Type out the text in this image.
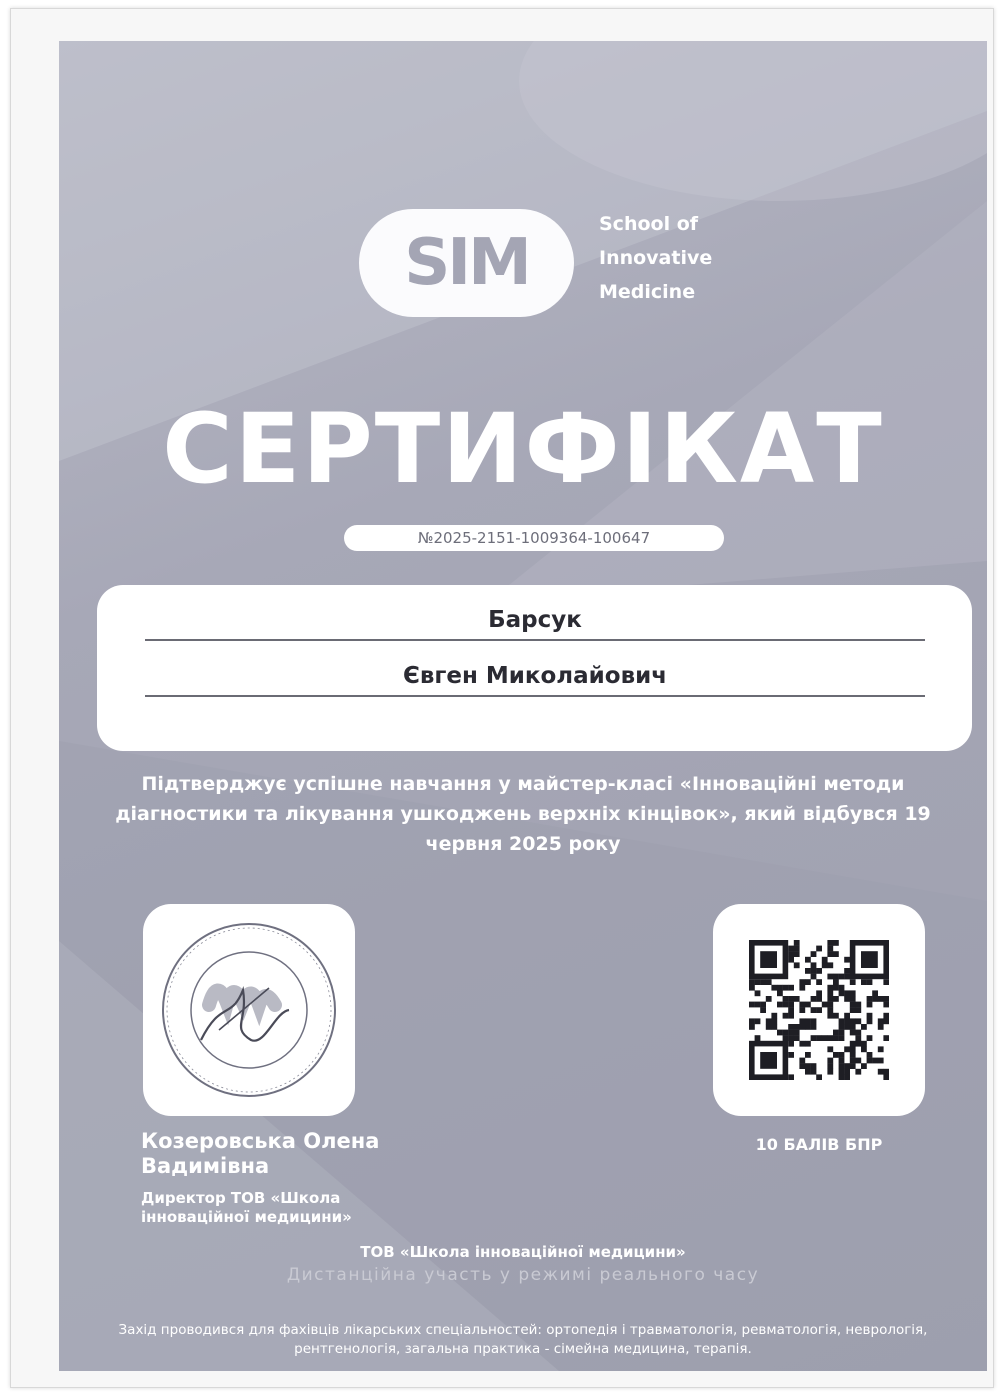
SIM
School of
Innovative
Medicine
СЕРТИФІКАТ
№2025-2151-1009364-100647
Барсук
Євген Миколайович
Підтверджує успішне навчання у майстер-класі «Інноваційні методи діагностики та лікування ушкоджень верхніх кінцівок», який відбувся 19 червня 2025 року
Козеровська Олена Вадимівна
Директор ТОВ «Школа інноваційної медицини»
10 БАЛІВ БПР
ТОВ «Школа інноваційної медицини»
Дистанційна участь у режимі реального часу
Захід проводився для фахівців лікарських спеціальностей: ортопедія і травматологія, ревматологія, неврологія, рентгенологія, загальна практика - сімейна медицина, терапія.
